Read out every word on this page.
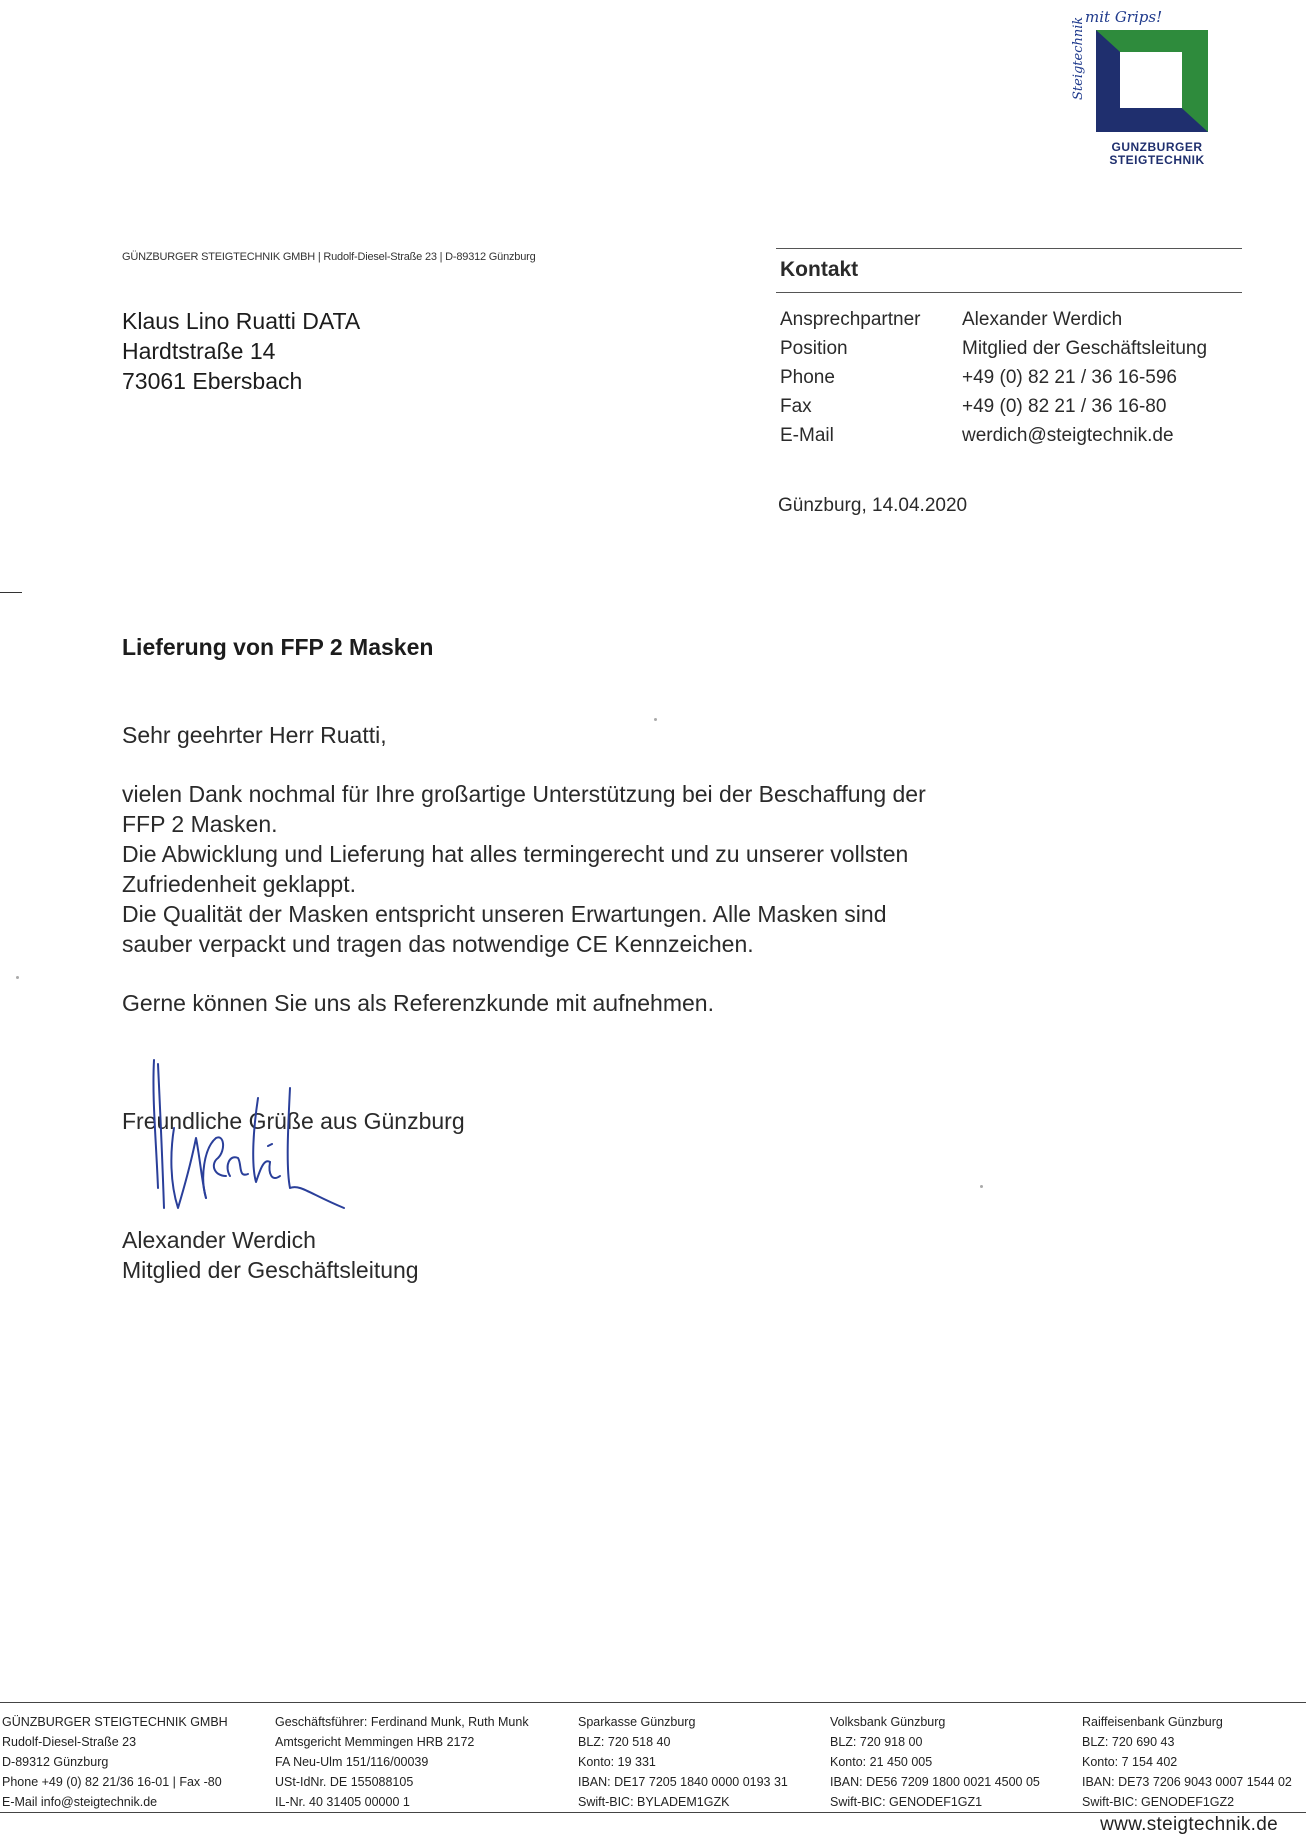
mit Grips!
Steigtechnik
GUNZBURGER
STEIGTECHNIK
GÜNZBURGER STEIGTECHNIK GMBH | Rudolf-Diesel-Straße 23 | D-89312 Günzburg
Klaus Lino Ruatti DATA
Hardtstraße 14
73061 Ebersbach
Kontakt
Ansprechpartner Alexander Werdich
Position	Mitglied der Geschäftsleitung
Phone	+49 (0) 82 21 / 36 16-596
Fax	+49 (0) 82 21 / 36 16-80
E-Mail	werdich@steigtechnik.de
Günzburg, 14.04.2020
Lieferung von FFP 2 Masken
Sehr geehrter Herr Ruatti,
vielen Dank nochmal für Ihre großartige Unterstützung bei der Beschaffung der
FFP 2 Masken.
Die Abwicklung und Lieferung hat alles termingerecht und zu unserer vollsten
Zufriedenheit geklappt.
Die Qualität der Masken entspricht unseren Erwartungen. Alle Masken sind
sauber verpackt und tragen das notwendige CE Kennzeichen.
Gerne können Sie uns als Referenzkunde mit aufnehmen.
Freundliche Grüße aus Günzburg
Alexander Werdich
Mitglied der Geschäftsleitung
GÜNZBURGER STEIGTECHNIK GMBH
Rudolf-Diesel-Straße 23
D-89312 Günzburg
Phone +49 (0) 82 21/36 16-01 | Fax -80
E-Mail info@steigtechnik.de
Geschäftsführer: Ferdinand Munk, Ruth Munk
Amtsgericht Memmingen HRB 2172
FA Neu-Ulm 151/116/00039
USt-IdNr. DE 155088105
IL-Nr. 40 31405 00000 1
Sparkasse Günzburg
BLZ: 720 518 40
Konto: 19 331
IBAN: DE17 7205 1840 0000 0193 31
Swift-BIC: BYLADEM1GZK
Volksbank Günzburg
BLZ: 720 918 00
Konto: 21 450 005
IBAN: DE56 7209 1800 0021 4500 05
Swift-BIC: GENODEF1GZ1
Raiffeisenbank Günzburg
BLZ: 720 690 43
Konto: 7 154 402
IBAN: DE73 7206 9043 0007 1544 02
Swift-BIC: GENODEF1GZ2
www.steigtechnik.de
